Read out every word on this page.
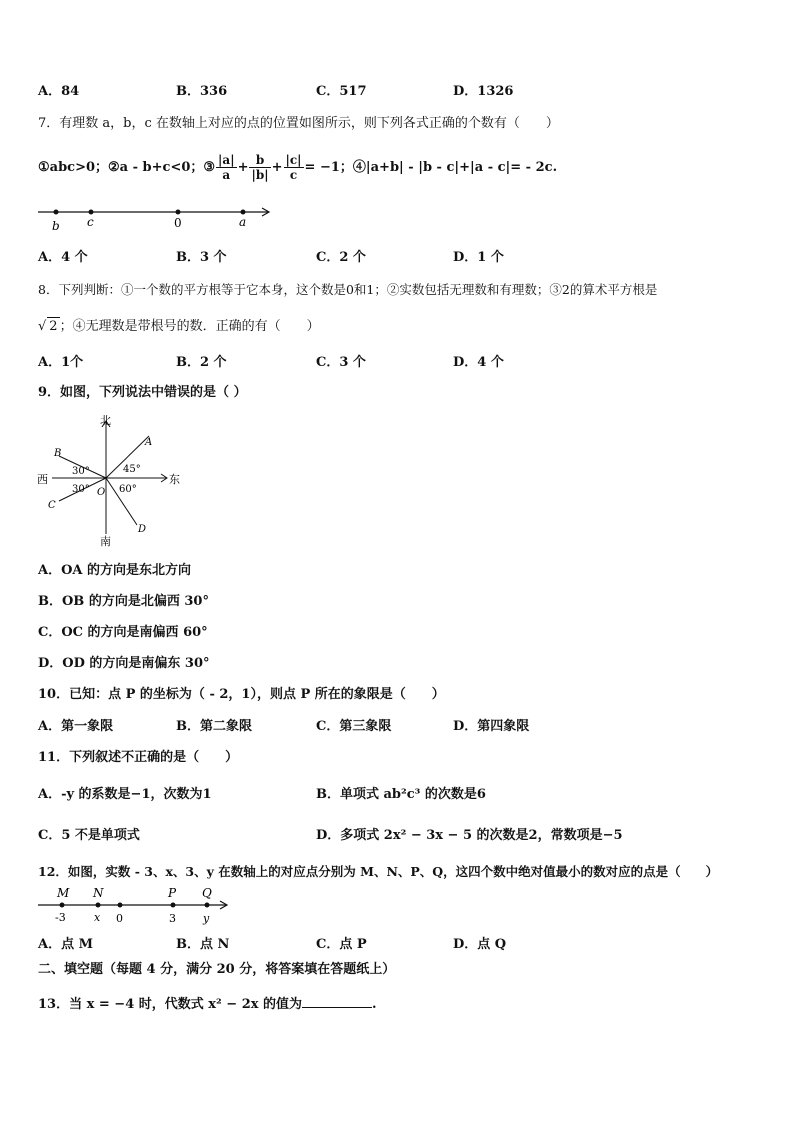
A．84	B．336	C．517	D．1326
7．有理数 a，b，c 在数轴上对应的点的位置如图所示，则下列各式正确的个数有（　　）
①abc>0；②a - b+c<0；③ $\frac{|a|}{a} + \frac{b}{|b|} + \frac{|c|}{c} = -1$；④|a+b| - |b - c|+|a - c|= - 2c.
b c	0	a
A．4 个	B．3 个	C．2 个	D．1 个
8．下列判断：①一个数的平方根等于它本身，这个数是0和1；②实数包括无理数和有理数；③2的算术平方根是
√ 2 ；④无理数是带根号的数．正确的有（　　）
A．1个	B．2 个	C．3 个	D．4 个
9．如图，下列说法中错误的是（ ）
北
南
东
西
O
A
B
C
D
30°
30°
45°
60°
A．OA 的方向是东北方向
B．OB 的方向是北偏西 30°
C．OC 的方向是南偏西 60°
D．OD 的方向是南偏东 30°
10．已知：点 P 的坐标为（ - 2，1），则点 P 所在的象限是（　　）
A．第一象限	B．第二象限	C．第三象限	D．第四象限
11．下列叙述不正确的是（　　）
A．-y 的系数是−1，次数为1	B．单项式 ab²c³ 的次数是6
C．5 不是单项式	D．多项式 2x² − 3x − 5 的次数是2，常数项是−5
12．如图，实数 - 3、x、3、y 在数轴上的对应点分别为 M、N、P、Q，这四个数中绝对值最小的数对应的点是（　　）
M N	P Q
-3	x 0	3 y
A．点 M	B．点 N	C．点 P	D．点 Q
二、填空题（每题 4 分，满分 20 分，将答案填在答题纸上）
13．当 x = −4 时，代数式 x² − 2x 的值为	.
